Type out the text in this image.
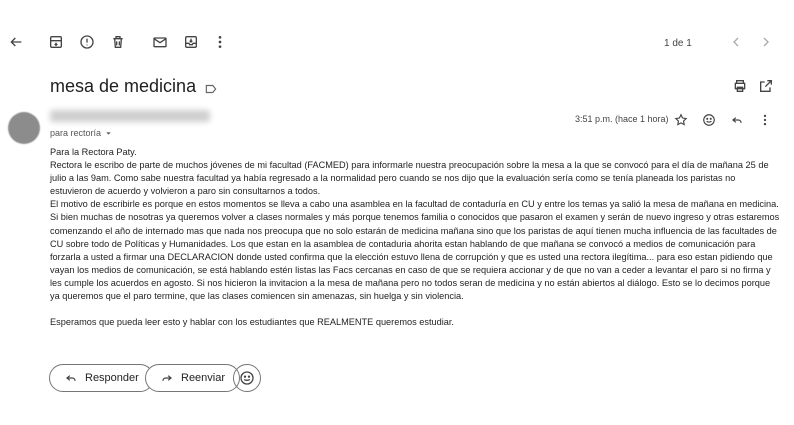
1 de 1
mesa de medicina
para rectoría
3:51 p.m. (hace 1 hora)

Para la Rectora Paty.

Rectora le escribo de parte de muchos jóvenes de mi facultad (FACMED) para informarle nuestra preocupación sobre la mesa a la que se convocó para el día de mañana 25 de julio a las 9am. Como sabe nuestra facultad ya había regresado a la normalidad pero cuando se nos dijo que la evaluación sería como se tenía planeada los paristas no estuvieron de acuerdo y volvieron a paro sin consultarnos a todos.

El motivo de escribirle es porque en estos momentos se lleva a cabo una asamblea en la facultad de contaduría en CU y entre los temas ya salió la mesa de mañana en medicina. Si bien muchas de nosotras ya queremos volver a clases normales y más porque tenemos familia o conocidos que pasaron el examen y serán de nuevo ingreso y otras estaremos comenzando el año de internado mas que nada nos preocupa que no solo estarán de medicina mañana sino que los paristas de aquí tienen mucha influencia de las facultades de CU sobre todo de Políticas y Humanidades. Los que estan en la asamblea de contaduria ahorita estan hablando de que mañana se convocó a medios de comunicación para forzarla a usted a firmar una DECLARACION donde usted confirma que la elección estuvo llena de corrupción y que es usted una rectora ilegítima... para eso estan pidiendo que vayan los medios de comunicación, se está hablando estén listas las Facs cercanas en caso de que se requiera accionar y de que no van a ceder a levantar el paro si no firma y les cumple los acuerdos en agosto. Si nos hicieron la invitacion a la mesa de mañana pero no todos seran de medicina y no están abiertos al diálogo. Esto se lo decimos porque ya queremos que el paro termine, que las clases comiencen sin amenazas, sin huelga y sin violencia.

Esperamos que pueda leer esto y hablar con los estudiantes que REALMENTE queremos estudiar.

Responder	Reenviar
